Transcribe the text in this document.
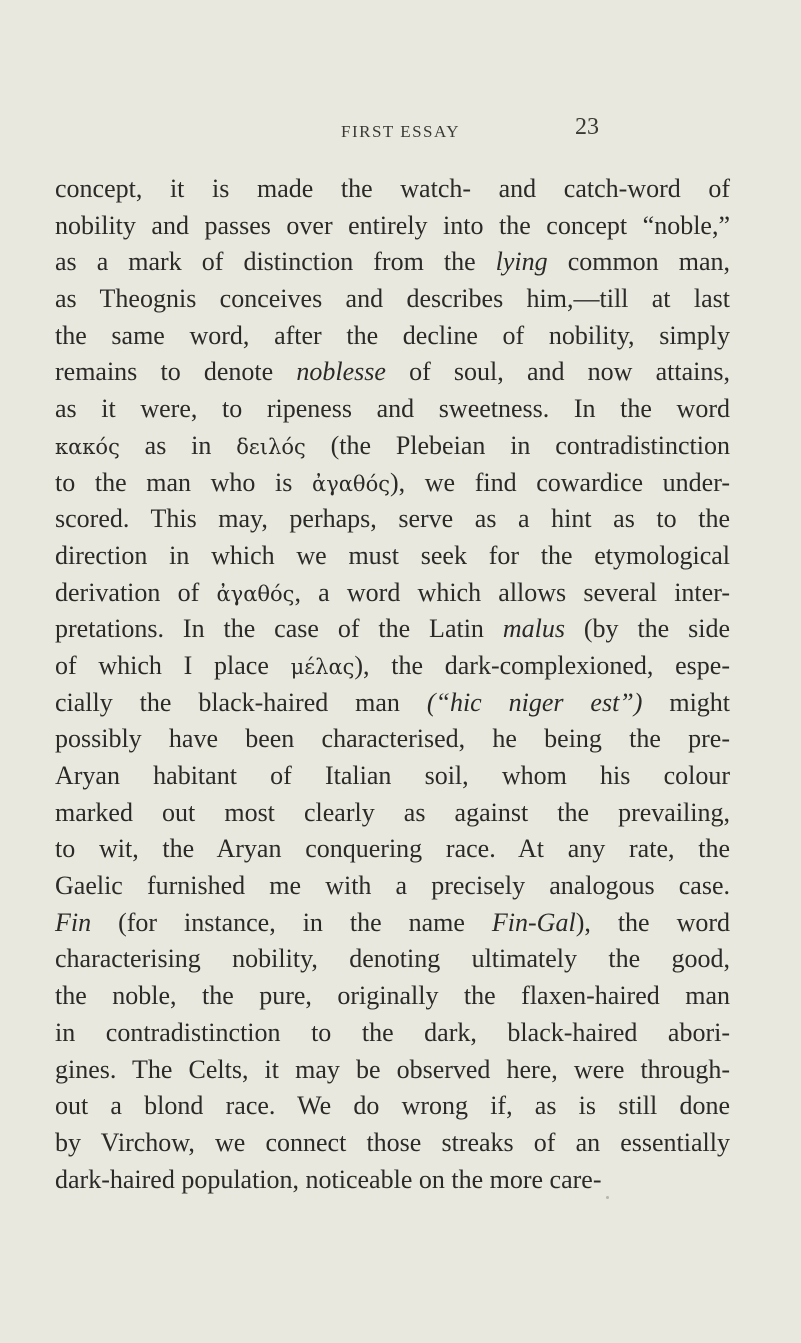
FIRST ESSAY	23
concept, it is made the watch- and catch-word of
nobility and passes over entirely into the concept “noble,”
as a mark of distinction from the lying common man,
as Theognis conceives and describes him,—till at last
the same word, after the decline of nobility, simply
remains to denote noblesse of soul, and now attains,
as it were, to ripeness and sweetness. In the word
κακός as in δειλός (the Plebeian in contradistinction
to the man who is ἀγαθός), we find cowardice under-
scored. This may, perhaps, serve as a hint as to the
direction in which we must seek for the etymological
derivation of ἀγαθός, a word which allows several inter-
pretations. In the case of the Latin malus (by the side
of which I place μέλας), the dark-complexioned, espe-
cially the black-haired man (“hic niger est”) might
possibly have been characterised, he being the pre-
Aryan habitant of Italian soil, whom his colour
marked out most clearly as against the prevailing,
to wit, the Aryan conquering race. At any rate, the
Gaelic furnished me with a precisely analogous case.
Fin (for instance, in the name Fin-Gal), the word
characterising nobility, denoting ultimately the good,
the noble, the pure, originally the flaxen-haired man
in contradistinction to the dark, black-haired abori-
gines. The Celts, it may be observed here, were through-
out a blond race. We do wrong if, as is still done
by Virchow, we connect those streaks of an essentially
dark-haired population, noticeable on the more care-
